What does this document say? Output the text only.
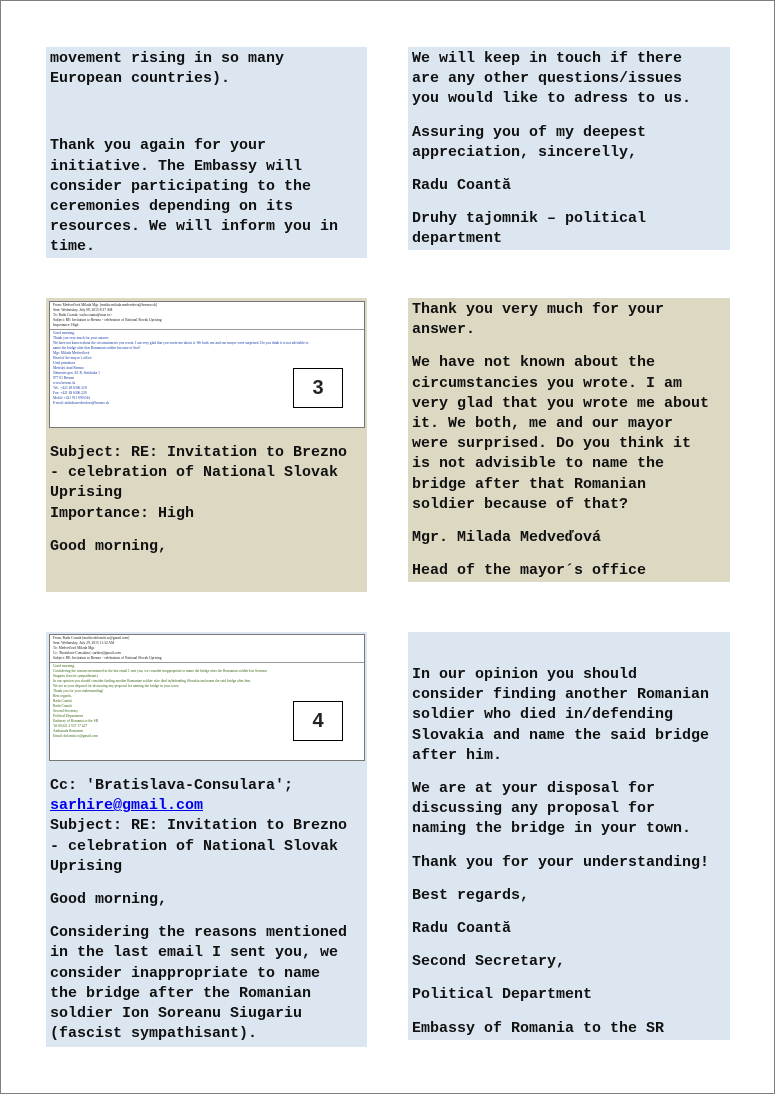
movement rising in so many
European countries).

Thank you again for your
initiative. The Embassy will
consider participating to the
ceremonies depending on its
resources. We will inform you in
time.

We will keep in touch if there
are any other questions/issues
you would like to adress to us.

Assuring you of my deepest
appreciation, sincerelly,

Radu Coantă

Druhy tajomnik – political
department

From: Medveďová Milada Mgr. [mailto:milada.medvedova@brezno.sk]
Sent: Wednesday, July 08, 2015 8:37 AM
To: Radu Coantă <radu.coanta@mae.ro>
Subject: RE: Invitation to Brezno - celebration of National Slovak Uprising
Importance: High
Good morning,
Thank you very much for your answer.
We have not known about the circumstancies you wrote. I am very glad that you wrote me about it. We both, me and our mayor were surprised. Do you think it is not advisible to
name the bridge after that Romanian soldier because of that?
Mgr. Milada Medveďová
Head of the mayor´s office
Úrad primátora
Mestský úrad Brezno
Námestie gen. M. R. Štefánika 1
977 01 Brezno
www.brezno.sk
Tel.: +421 48 6306 218
Fax: +421 48 6306 229
Mobil: +421 911 990 044
E-mail: milada.medvedova@brezno.sk
3

Subject: RE: Invitation to Brezno
- celebration of National Slovak
Uprising
Importance: High

Good morning,

Thank you very much for your
answer.

We have not known about the
circumstancies you wrote. I am
very glad that you wrote me about
it. We both, me and our mayor
were surprised. Do you think it
is not advisible to name the
bridge after that Romanian
soldier because of that?

Mgr. Milada Medveďová

Head of the mayor´s office

From: Radu Coantă [mailto:dolomiti.rc@gmail.com]
Sent: Wednesday, July 29, 2015 11:32 AM
To: Medveďová Milada Mgr.
Cc: 'Bratislava-Consulara'; sarhire@gmail.com
Subject: RE: Invitation to Brezno - celebration of National Slovak Uprising
Good morning,
Considering the reasons mentioned in the last email I sent you, we consider inappropriate to name the bridge after the Romanian soldier Ion Soreanu
Siugariu (fascist sympathisant).
In our opinion you should consider finding another Romanian soldier who died in/defending Slovakia and name the said bridge after him.
We are at your disposal for discussing any proposal for naming the bridge in your town.
Thank you for your understanding!
Best regards,
Radu Coantă
Radu Coantă
Second Secretary
Political Department
Embassy of Romania to the SR
Tel 00421 2 537 17 427
Ambasada Romaniei
Email: dolomiti.rc@gmail.com
4

Cc: 'Bratislava-Consulara';
sarhire@gmail.com

Subject: RE: Invitation to Brezno
- celebration of National Slovak
Uprising

Good morning,

Considering the reasons mentioned
in the last email I sent you, we
consider inappropriate to name
the bridge after the Romanian
soldier Ion Soreanu Siugariu
(fascist sympathisant).

In our opinion you should
consider finding another Romanian
soldier who died in/defending
Slovakia and name the said bridge
after him.

We are at your disposal for
discussing any proposal for
naming the bridge in your town.

Thank you for your understanding!

Best regards,

Radu Coantă

Second Secretary,

Political Department

Embassy of Romania to the SR
